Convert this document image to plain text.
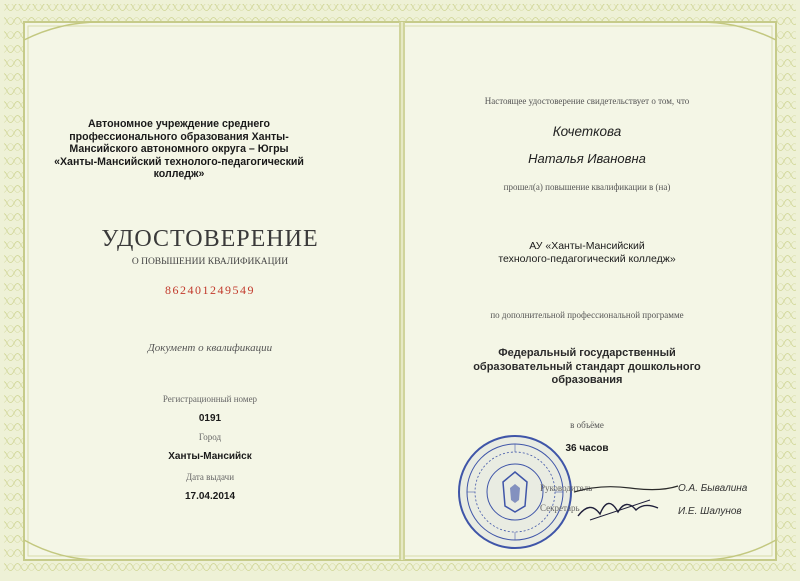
Автономное учреждение среднего профессионального образования Ханты-Мансийского автономного округа – Югры «Ханты-Мансийский технолого-педагогический колледж»
УДОСТОВЕРЕНИЕ
О ПОВЫШЕНИИ КВАЛИФИКАЦИИ
862401249549
Документ о квалификации
Регистрационный номер
0191
Город
Ханты-Мансийск
Дата выдачи
17.04.2014
Настоящее удостоверение свидетельствует о том, что
Кочеткова
Наталья Ивановна
прошел(а) повышение квалификации в (на)
АУ «Ханты-Мансийский
технолого-педагогический колледж»
по дополнительной профессиональной программе
Федеральный государственный
образовательный стандарт дошкольного
образования
в объёме
36 часов
Руководитель	О.А. Бывалина
Секретарь	И.Е. Шалунов
